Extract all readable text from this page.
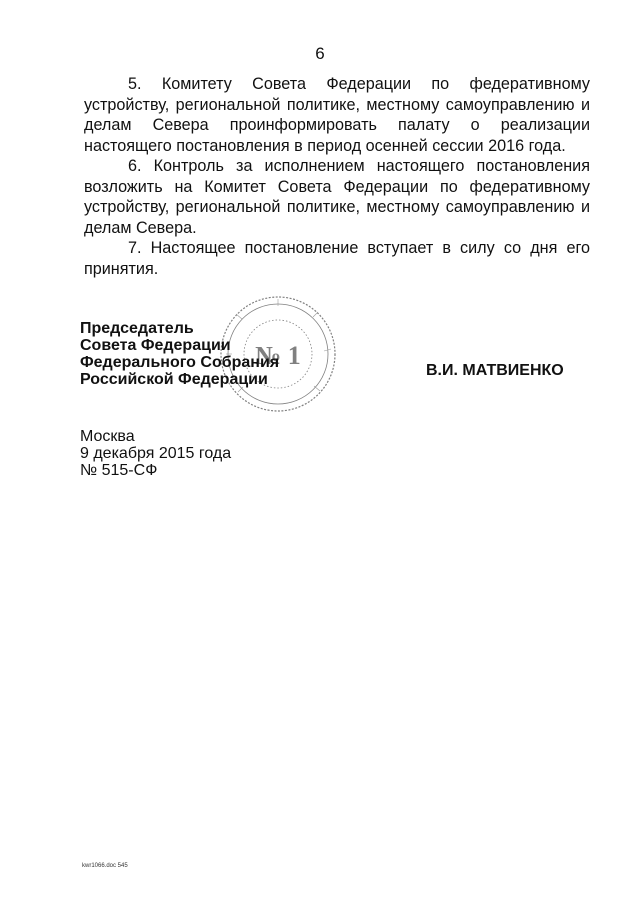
6

5. Комитету Совета Федерации по федеративному устройству, региональной политике, местному самоуправлению и делам Севера проинформировать палату о реализации настоящего постановления в период осенней сессии 2016 года.

6. Контроль за исполнением настоящего постановления возложить на Комитет Совета Федерации по федеративному устройству, региональной политике, местному самоуправлению и делам Севера.

7. Настоящее постановление вступает в силу со дня его принятия.

№ 1
Председатель
Совета Федерации
Федерального Собрания
Российской Федерации
В.И. МАТВИЕНКО
Москва
9 декабря 2015 года
№ 515-СФ
kwr1066.doc 545
